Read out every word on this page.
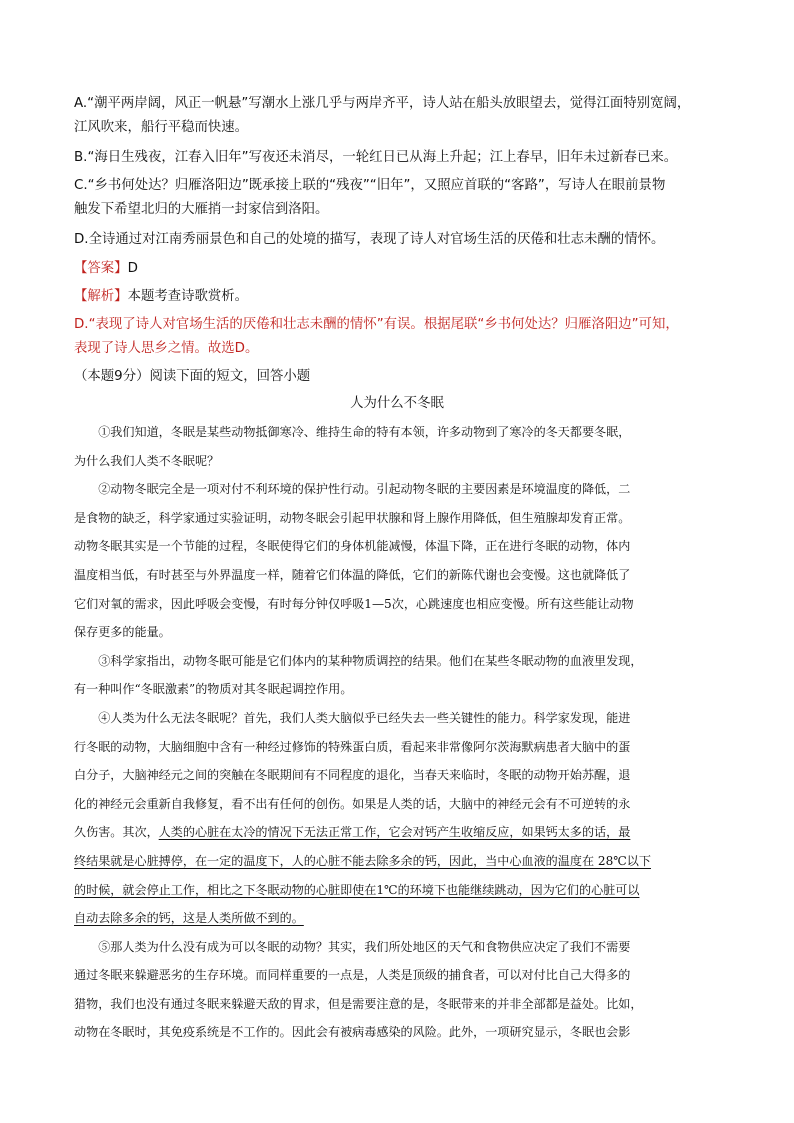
A.“潮平两岸阔，风正一帆悬”写潮水上涨几乎与两岸齐平，诗人站在船头放眼望去，觉得江面特别宽阔，
江风吹来，船行平稳而快速。
B.“海日生残夜，江春入旧年”写夜还未消尽，一轮红日已从海上升起；江上春早，旧年未过新春已来。
C.“乡书何处达？归雁洛阳边”既承接上联的“残夜”“旧年”，又照应首联的“客路”，写诗人在眼前景物
触发下希望北归的大雁捎一封家信到洛阳。
D.全诗通过对江南秀丽景色和自己的处境的描写，表现了诗人对官场生活的厌倦和壮志未酬的情怀。
【答案】D
【解析】本题考查诗歌赏析。
D.“表现了诗人对官场生活的厌倦和壮志未酬的情怀”有误。根据尾联“乡书何处达？归雁洛阳边”可知，
表现了诗人思乡之情。故选D。
（本题9分）阅读下面的短文，回答小题
人为什么不冬眠
①我们知道，冬眠是某些动物抵御寒冷、维持生命的特有本领，许多动物到了寒冷的冬天都要冬眠，
为什么我们人类不冬眠呢？
②动物冬眠完全是一项对付不利环境的保护性行动。引起动物冬眠的主要因素是环境温度的降低，二
是食物的缺乏，科学家通过实验证明，动物冬眠会引起甲状腺和肾上腺作用降低，但生殖腺却发育正常。
动物冬眠其实是一个节能的过程，冬眠使得它们的身体机能减慢，体温下降，正在进行冬眠的动物，体内
温度相当低，有时甚至与外界温度一样，随着它们体温的降低，它们的新陈代谢也会变慢。这也就降低了
它们对氧的需求，因此呼吸会变慢，有时每分钟仅呼吸1—5次，心跳速度也相应变慢。所有这些能让动物
保存更多的能量。
③科学家指出，动物冬眠可能是它们体内的某种物质调控的结果。他们在某些冬眠动物的血液里发现，
有一种叫作“冬眠激素”的物质对其冬眠起调控作用。
④人类为什么无法冬眠呢？首先，我们人类大脑似乎已经失去一些关键性的能力。科学家发现，能进
行冬眠的动物，大脑细胞中含有一种经过修饰的特殊蛋白质，看起来非常像阿尔茨海默病患者大脑中的蛋
白分子，大脑神经元之间的突触在冬眠期间有不同程度的退化，当春天来临时，冬眠的动物开始苏醒，退
化的神经元会重新自我修复，看不出有任何的创伤。如果是人类的话，大脑中的神经元会有不可逆转的永
久伤害。其次，人类的心脏在太冷的情况下无法正常工作，它会对钙产生收缩反应，如果钙太多的话，最
终结果就是心脏搏停，在一定的温度下，人的心脏不能去除多余的钙，因此，当中心血液的温度在 28℃以下
的时候，就会停止工作，相比之下冬眠动物的心脏即使在1℃的环境下也能继续跳动，因为它们的心脏可以
自动去除多余的钙，这是人类所做不到的。
⑤那人类为什么没有成为可以冬眠的动物？其实，我们所处地区的天气和食物供应决定了我们不需要
通过冬眠来躲避恶劣的生存环境。而同样重要的一点是，人类是顶级的捕食者，可以对付比自己大得多的
猎物，我们也没有通过冬眠来躲避天敌的胃求，但是需要注意的是，冬眠带来的并非全部都是益处。比如，
动物在冬眠时，其免疫系统是不工作的。因此会有被病毒感染的风险。此外，一项研究显示，冬眠也会影
